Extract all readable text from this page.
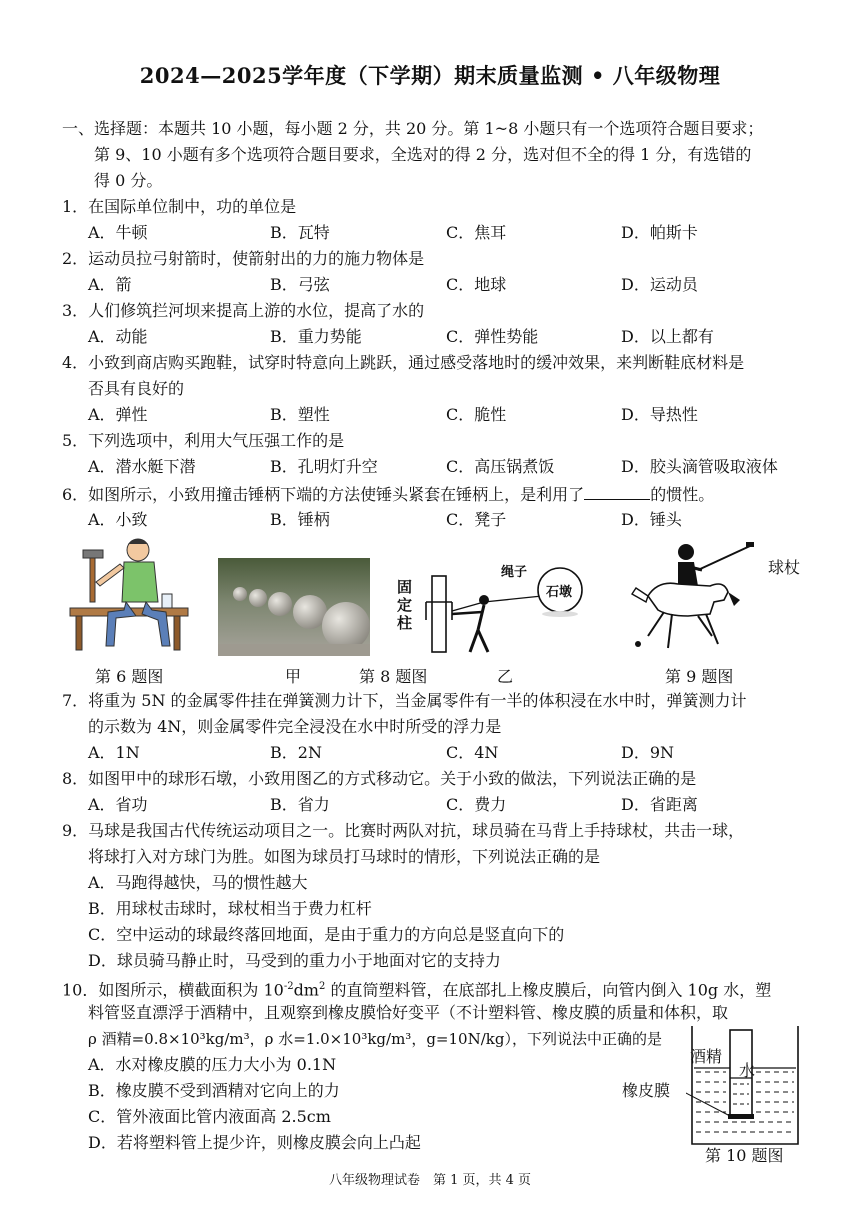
2024—2025学年度（下学期）期末质量监测 • 八年级物理
一、选择题：本题共 10 小题，每小题 2 分，共 20 分。第 1~8 小题只有一个选项符合题目要求；
第 9、10 小题有多个选项符合题目要求，全选对的得 2 分，选对但不全的得 1 分，有选错的
得 0 分。
1．在国际单位制中，功的单位是
A．牛顿	B．瓦特	C．焦耳	D．帕斯卡
2．运动员拉弓射箭时，使箭射出的力的施力物体是
A．箭	B．弓弦	C．地球	D．运动员
3．人们修筑拦河坝来提高上游的水位，提高了水的
A．动能	B．重力势能	C．弹性势能	D．以上都有
4．小致到商店购买跑鞋，试穿时特意向上跳跃，通过感受落地时的缓冲效果，来判断鞋底材料是
否具有良好的
A．弹性	B．塑性	C．脆性	D．导热性
5．下列选项中，利用大气压强工作的是
A．潜水艇下潜	B．孔明灯升空	C．高压锅煮饭	D．胶头滴管吸取液体
6．如图所示，小致用撞击锤柄下端的方法使锤头紧套在锤柄上，是利用了	的惯性。
A．小致	B．锤柄	C．凳子	D．锤头
固
定
柱
绳子
石墩
球杖
第 6 题图	甲	第 8 题图	乙	第 9 题图
7．将重为 5N 的金属零件挂在弹簧测力计下，当金属零件有一半的体积浸在水中时，弹簧测力计
的示数为 4N，则金属零件完全浸没在水中时所受的浮力是
A．1N	B．2N	C．4N	D．9N
8．如图甲中的球形石墩，小致用图乙的方式移动它。关于小致的做法，下列说法正确的是
A．省功	B．省力	C．费力	D．省距离
9．马球是我国古代传统运动项目之一。比赛时两队对抗，球员骑在马背上手持球杖，共击一球，
将球打入对方球门为胜。如图为球员打马球时的情形，下列说法正确的是
A．马跑得越快，马的惯性越大
B．用球杖击球时，球杖相当于费力杠杆
C．空中运动的球最终落回地面，是由于重力的方向总是竖直向下的
D．球员骑马静止时，马受到的重力小于地面对它的支持力
10．如图所示，横截面积为 $10^{-2}dm^2$ 的直筒塑料管，在底部扎上橡皮膜后，向管内倒入 10g 水，塑
料管竖直漂浮于酒精中，且观察到橡皮膜恰好变平（不计塑料管、橡皮膜的质量和体积，取
ρ 酒精=0.8×10³kg/m³，ρ 水=1.0×10³kg/m³，g=10N/kg），下列说法中正确的是
A．水对橡皮膜的压力大小为 0.1N
B．橡皮膜不受到酒精对它向上的力
C．管外液面比管内液面高 2.5cm
D．若将塑料管上提少许，则橡皮膜会向上凸起
酒精
水
橡皮膜
第 10 题图
八年级物理试卷　第 1 页，共 4 页
